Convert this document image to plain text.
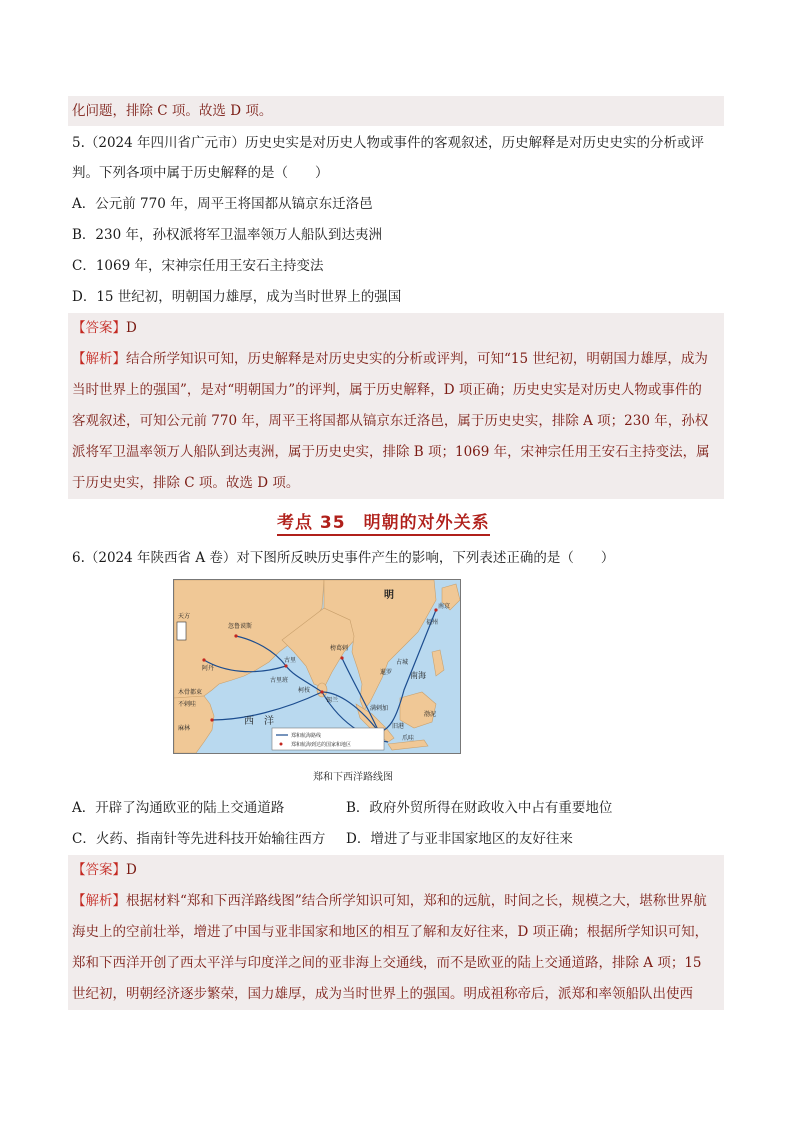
化问题，排除 C 项。故选 D 项。
5.（2024 年四川省广元市）历史史实是对历史人物或事件的客观叙述，历史解释是对历史史实的分析或评
判。下列各项中属于历史解释的是（　　）
A．公元前 770 年，周平王将国都从镐京东迁洛邑
B．230 年，孙权派将军卫温率领万人船队到达夷洲
C．1069 年，宋神宗任用王安石主持变法
D．15 世纪初，明朝国力雄厚，成为当时世界上的强国
【答案】D
【解析】结合所学知识可知，历史解释是对历史史实的分析或评判，可知“15 世纪初，明朝国力雄厚，成为
当时世界上的强国”，是对“明朝国力”的评判，属于历史解释，D 项正确；历史史实是对历史人物或事件的
客观叙述，可知公元前 770 年，周平王将国都从镐京东迁洛邑，属于历史史实，排除 A 项；230 年，孙权
派将军卫温率领万人船队到达夷洲，属于历史史实，排除 B 项；1069 年，宋神宗任用王安石主持变法，属
于历史史实，排除 C 项。故选 D 项。
考点 35　明朝的对外关系
6.（2024 年陕西省 A 卷）对下图所反映历史事件产生的影响，下列表述正确的是（　　）
明
南京
福州
忽鲁谟斯
天方
阿丹
古里班
古里
柯枝
锡兰
榜葛剌
暹罗
占城
木骨都束
不剌哇
麻林
满剌加
旧港
爪哇
渤泥
西　洋
南海
郑和航海路线
郑和航海到达的国家和地区
郑和下西洋路线图
A．开辟了沟通欧亚的陆上交通道路	B．政府外贸所得在财政收入中占有重要地位
C．火药、指南针等先进科技开始输往西方 D．增进了与亚非国家地区的友好往来
【答案】D
【解析】根据材料“郑和下西洋路线图”结合所学知识可知，郑和的远航，时间之长，规模之大，堪称世界航
海史上的空前壮举，增进了中国与亚非国家和地区的相互了解和友好往来，D 项正确；根据所学知识可知，
郑和下西洋开创了西太平洋与印度洋之间的亚非海上交通线，而不是欧亚的陆上交通道路，排除 A 项；15
世纪初，明朝经济逐步繁荣，国力雄厚，成为当时世界上的强国。明成祖称帝后，派郑和率领船队出使西
